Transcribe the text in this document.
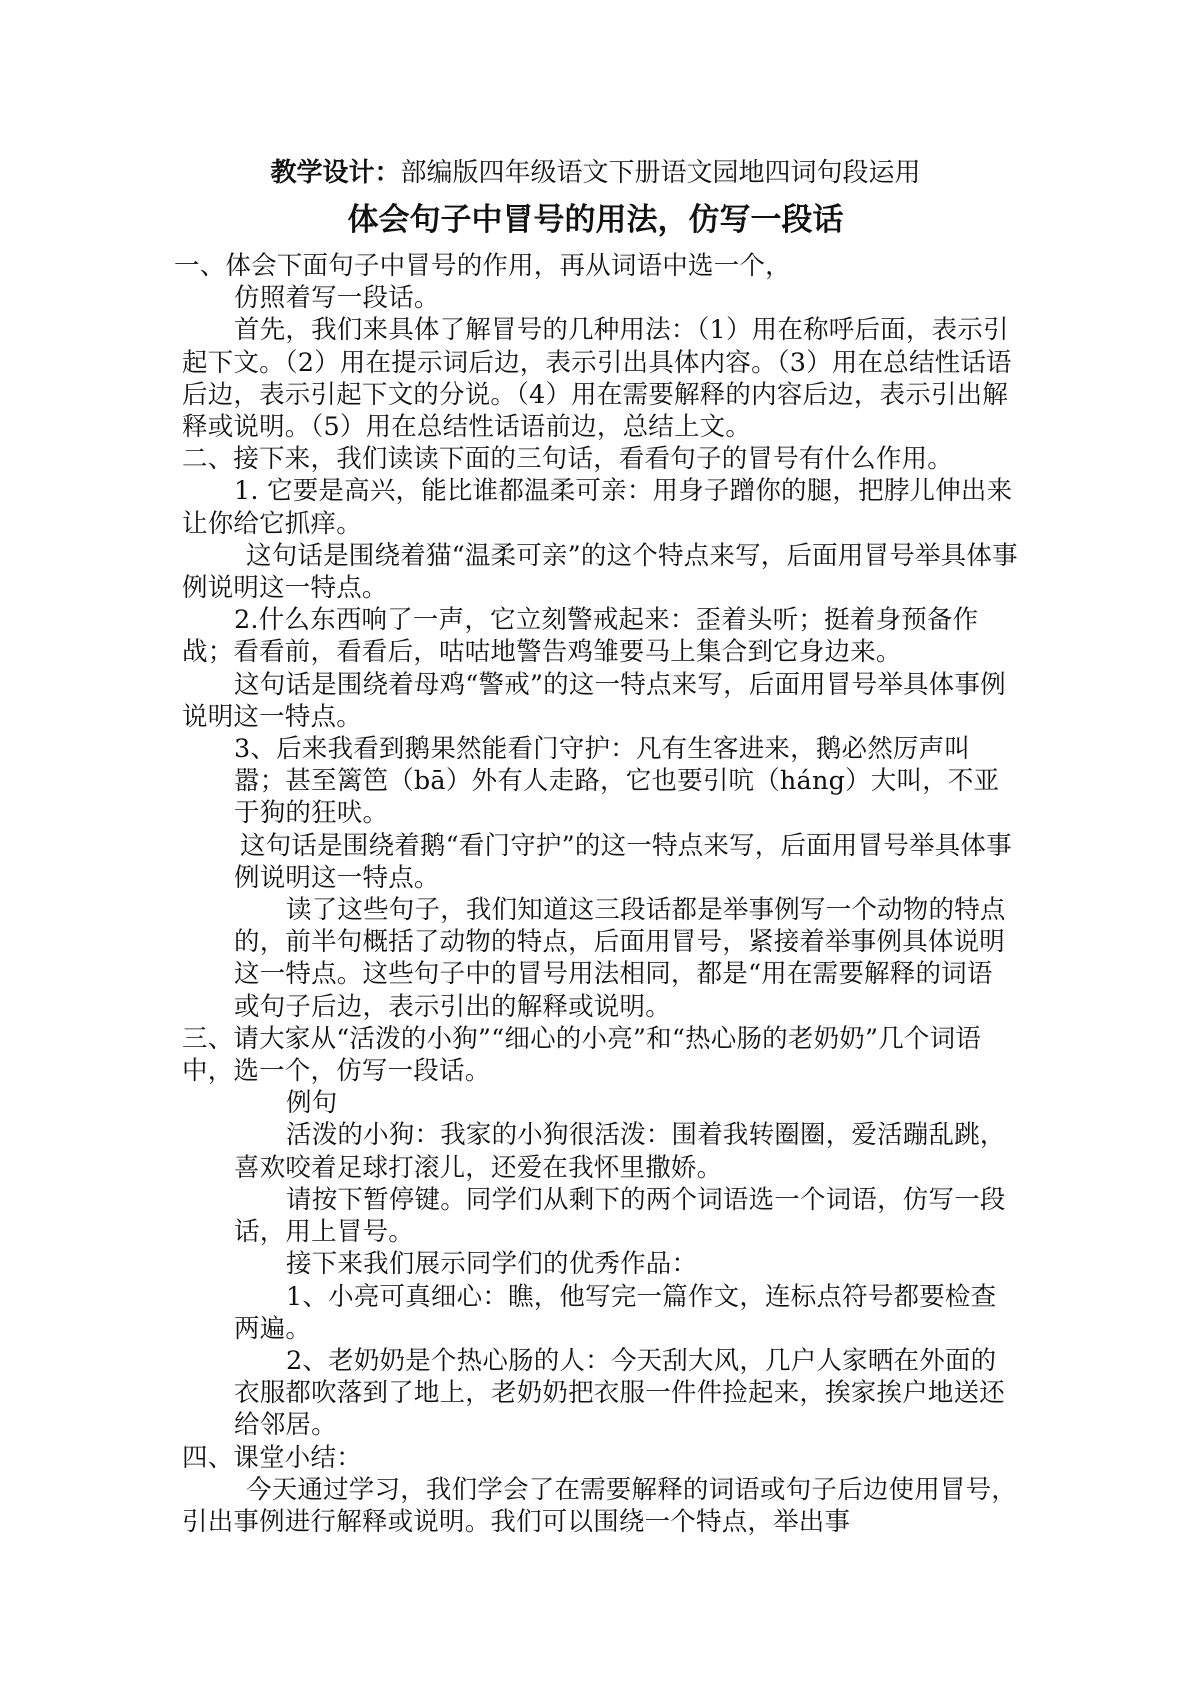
教学设计：部编版四年级语文下册语文园地四词句段运用
体会句子中冒号的用法，仿写一段话

一、体会下面句子中冒号的作用，再从词语中选一个，

仿照着写一段话。

首先，我们来具体了解冒号的几种用法：（1）用在称呼后面，表示引起下文。（2）用在提示词后边，表示引出具体内容。（3）用在总结性话语后边，表示引起下文的分说。（4）用在需要解释的内容后边，表示引出解释或说明。（5）用在总结性话语前边，总结上文。

二、接下来，我们读读下面的三句话，看看句子的冒号有什么作用。

1. 它要是高兴，能比谁都温柔可亲：用身子蹭你的腿，把脖儿伸出来让你给它抓痒。

这句话是围绕着猫“温柔可亲”的这个特点来写，后面用冒号举具体事例说明这一特点。

2.什么东西响了一声，它立刻警戒起来：歪着头听；挺着身预备作战；看看前，看看后，咕咕地警告鸡雏要马上集合到它身边来。

这句话是围绕着母鸡“警戒”的这一特点来写，后面用冒号举具体事例说明这一特点。

3、后来我看到鹅果然能看门守护：凡有生客进来，鹅必然厉声叫嚣；甚至篱笆（bā）外有人走路，它也要引吭（háng）大叫，不亚于狗的狂吠。

这句话是围绕着鹅“看门守护”的这一特点来写，后面用冒号举具体事例说明这一特点。

读了这些句子，我们知道这三段话都是举事例写一个动物的特点的，前半句概括了动物的特点，后面用冒号，紧接着举事例具体说明这一特点。这些句子中的冒号用法相同，都是“用在需要解释的词语或句子后边，表示引出的解释或说明。

三、请大家从“活泼的小狗”“细心的小亮”和“热心肠的老奶奶”几个词语中，选一个，仿写一段话。

例句

活泼的小狗：我家的小狗很活泼：围着我转圈圈，爱活蹦乱跳，喜欢咬着足球打滚儿，还爱在我怀里撒娇。

请按下暂停键。同学们从剩下的两个词语选一个词语，仿写一段话，用上冒号。

接下来我们展示同学们的优秀作品：

1、小亮可真细心：瞧，他写完一篇作文，连标点符号都要检查两遍。

2、老奶奶是个热心肠的人：今天刮大风，几户人家晒在外面的衣服都吹落到了地上，老奶奶把衣服一件件捡起来，挨家挨户地送还给邻居。

四、课堂小结：

今天通过学习，我们学会了在需要解释的词语或句子后边使用冒号，引出事例进行解释或说明。我们可以围绕一个特点，举出事
